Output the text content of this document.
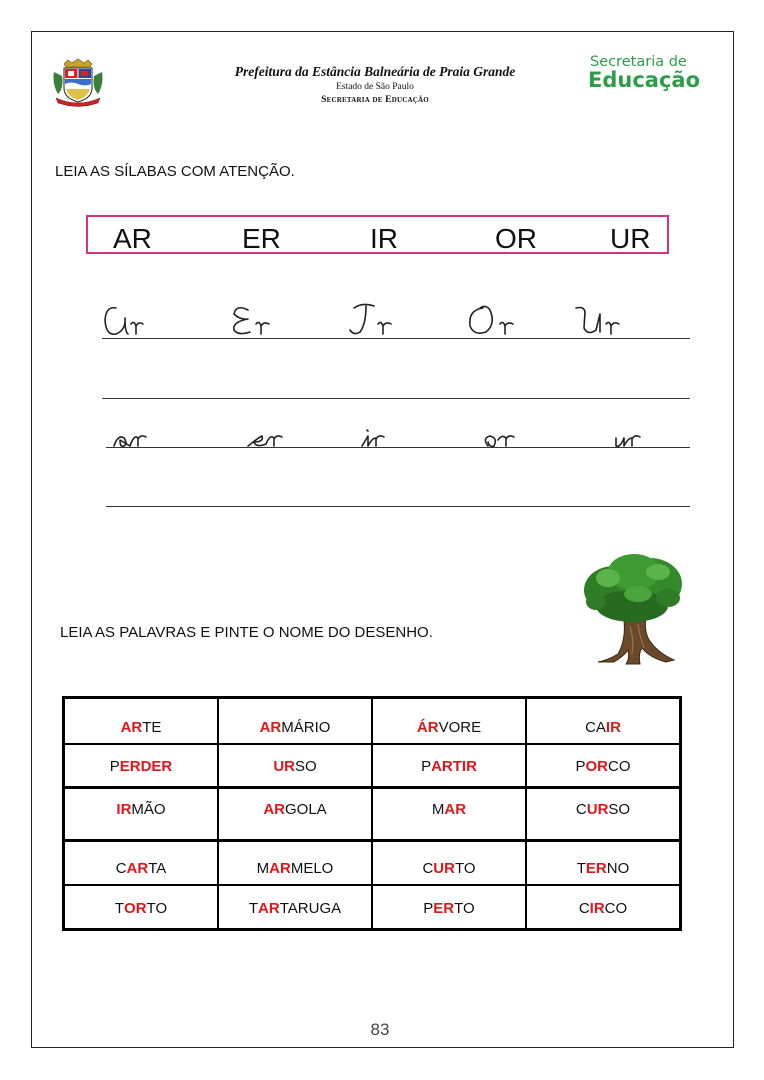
Prefeitura da Estância Balneária de Praia Grande
Estado de São Paulo
Secretaria de Educação
Secretaria de
Educação
LEIA AS SÍLABAS COM ATENÇÃO.
AR	ER	IR	OR	UR
LEIA AS PALAVRAS E PINTE O NOME DO DESENHO.
ARTE	ARMÁRIO	ÁRVORE	CAIR
PERDER	URSO	PARTIR	PORCO
IRMÃO	ARGOLA	MAR	CURSO
CARTA	MARMELO	CURTO	TERNO
TORTO	TARTARUGA	PERTO	CIRCO
83
